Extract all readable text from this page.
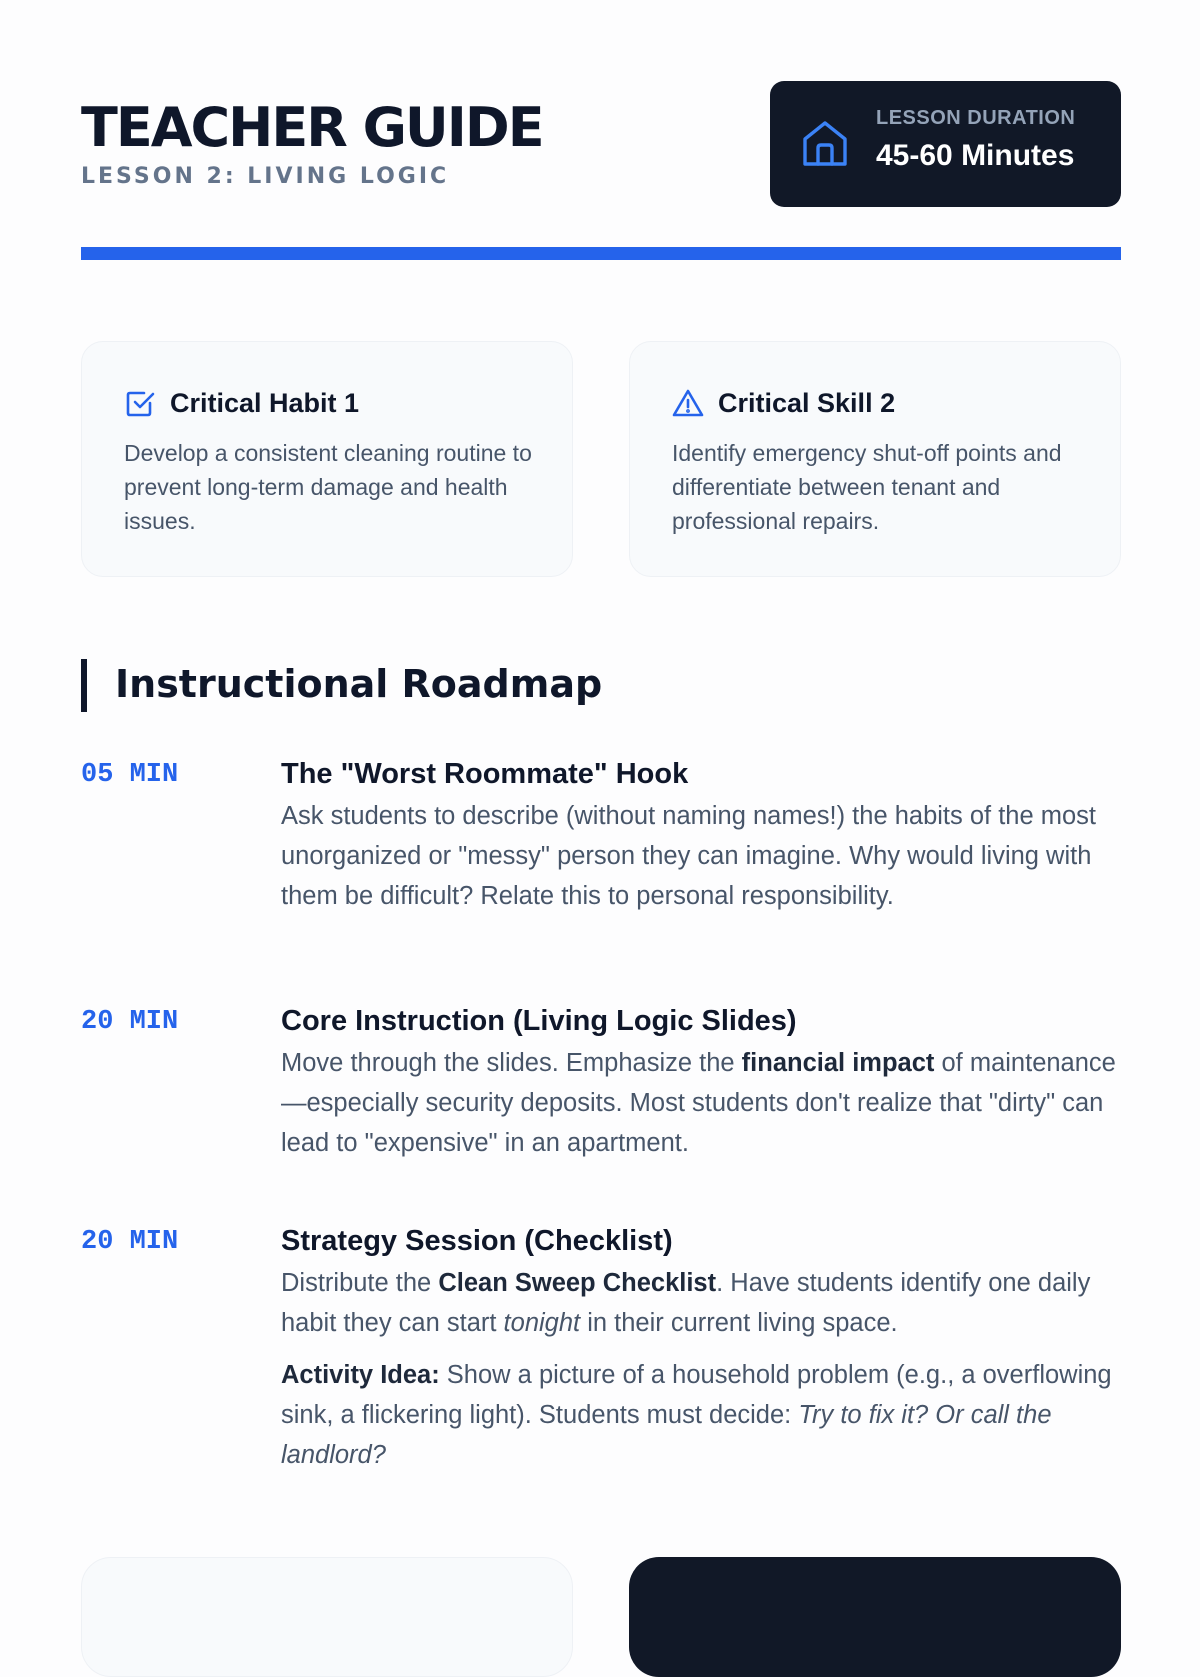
TEACHER GUIDE
LESSON 2: LIVING LOGIC
LESSON DURATION
45-60 Minutes
Critical Habit 1
Develop a consistent cleaning routine to prevent long-term damage and health issues.
Critical Skill 2
Identify emergency shut-off points and differentiate between tenant and professional repairs.
Instructional Roadmap
05 MIN	The "Worst Roommate" Hook

Ask students to describe (without naming names!) the habits of the most unorganized or "messy" person they can imagine. Why would living with them be difficult? Relate this to personal responsibility.

20 MIN	Core Instruction (Living Logic Slides)

Move through the slides. Emphasize the financial impact of maintenance—especially security deposits. Most students don't realize that "dirty" can lead to "expensive" in an apartment.

20 MIN	Strategy Session (Checklist)

Distribute the Clean Sweep Checklist. Have students identify one daily habit they can start tonight in their current living space.

Activity Idea: Show a picture of a household problem (e.g., a overflowing sink, a flickering light). Students must decide: Try to fix it? Or call the landlord?
